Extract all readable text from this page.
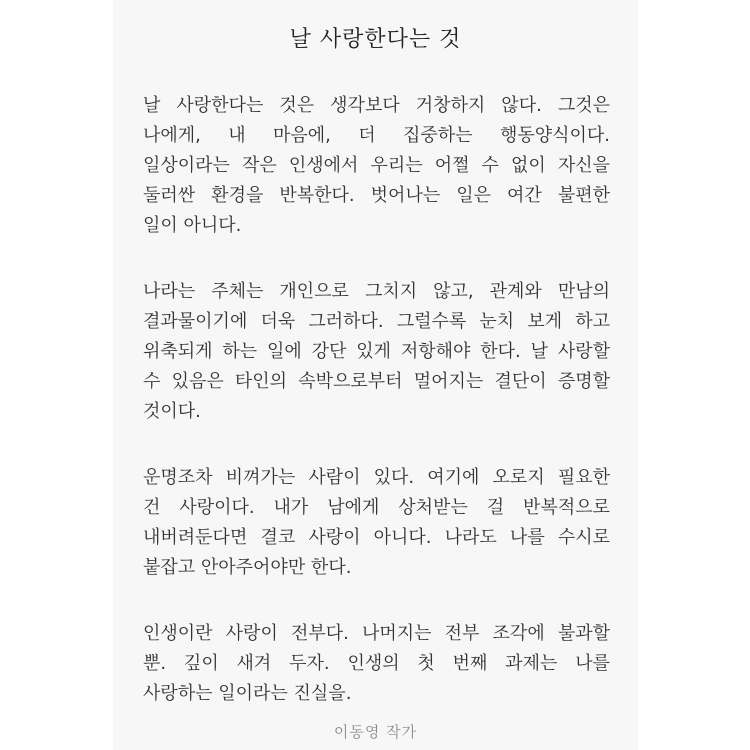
날 사랑한다는 것
날 사랑한다는 것은 생각보다 거창하지 않다. 그것은
나에게, 내 마음에, 더 집중하는 행동양식이다.
일상이라는 작은 인생에서 우리는 어쩔 수 없이 자신을
둘러싼 환경을 반복한다. 벗어나는 일은 여간 불편한
일이 아니다.
나라는 주체는 개인으로 그치지 않고, 관계와 만남의
결과물이기에 더욱 그러하다. 그럴수록 눈치 보게 하고
위축되게 하는 일에 강단 있게 저항해야 한다. 날 사랑할
수 있음은 타인의 속박으로부터 멀어지는 결단이 증명할
것이다.
운명조차 비껴가는 사람이 있다. 여기에 오로지 필요한
건 사랑이다. 내가 남에게 상처받는 걸 반복적으로
내버려둔다면 결코 사랑이 아니다. 나라도 나를 수시로
붙잡고 안아주어야만 한다.
인생이란 사랑이 전부다. 나머지는 전부 조각에 불과할
뿐. 깊이 새겨 두자. 인생의 첫 번째 과제는 나를
사랑하는 일이라는 진실을.
이동영 작가
